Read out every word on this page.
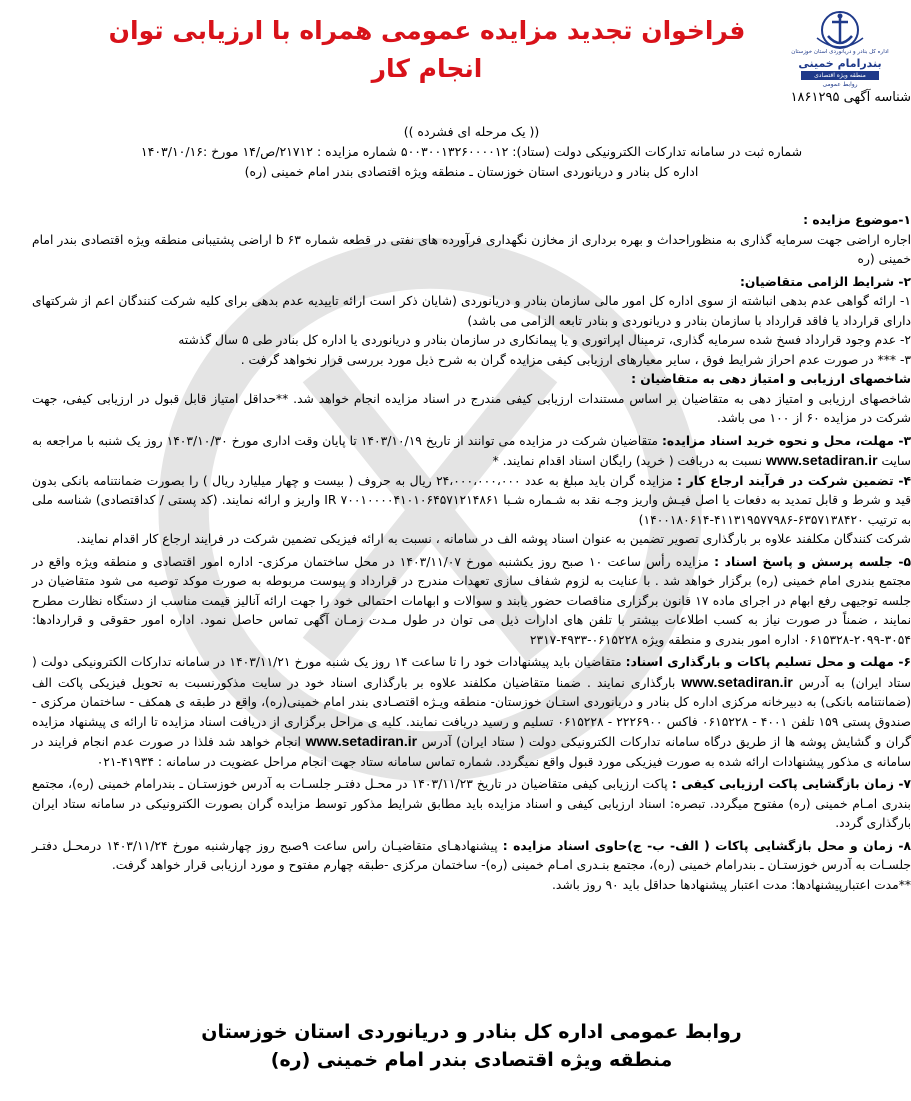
اداره کل بنادر و دریانوردی استان خوزستان
بندرامام خمینی
منطقه ویژه اقتصادی
روابط عمومی
فراخوان تجدید مزایده عمومی همراه با ارزیابی توان انجام کار
شناسه آگهی ۱۸۶۱۲۹۵
(( یک مرحله ای فشرده ))
شماره ثبت در سامانه تدارکات الکترونیکی دولت (ستاد): ۵۰۰۳۰۰۱۳۲۶۰۰۰۰۱۲ شماره مزایده : ۲۱۷۱۲/ص/۱۴ مورخ :۱۴۰۳/۱۰/۱۶
اداره کل بنادر و دریانوردی استان خوزستان ـ منطقه ویژه اقتصادی بندر امام خمینی (ره)

۱-موضوع مزایده :
اجاره اراضی جهت سرمایه گذاری به منظوراحداث و بهره برداری از مخازن نگهداری فرآورده های نفتی در قطعه شماره b ۶۳ اراضی پشتیبانی منطقه ویژه اقتصادی بندر امام خمینی (ره

۲- شرایط الزامی متقاضیان:
۱- ارائه گواهی عدم بدهی انباشته از سوی اداره کل امور مالی سازمان بنادر و دریانوردی (شایان ذکر است ارائه تاییدیه عدم بدهی برای کلیه شرکت کنندگان اعم از شرکتهای دارای قرارداد یا فاقد قرارداد با سازمان بنادر و دریانوردی و بنادر تابعه الزامی می باشد)
۲- عدم وجود قرارداد فسخ شده سرمایه گذاری، ترمینال اپراتوری و یا پیمانکاری در سازمان بنادر و دریانوردی یا اداره کل بنادر طی ۵ سال گذشته
۳- *** در صورت عدم احراز شرایط فوق ، سایر معیارهای ارزیابی کیفی مزایده گران به شرح ذیل مورد بررسی قرار نخواهد گرفت .

شاخصهای ارزیابی و امتیاز دهی به متقاضیان :
شاخصهای ارزیابی و امتیاز دهی به متقاضیان بر اساس مستندات ارزیابی کیفی مندرج در اسناد مزایده انجام خواهد شد. **حداقل امتیاز قابل قبول در ارزیابی کیفی، جهت شرکت در مزایده ۶۰ از ۱۰۰ می باشد.

۳- مهلت، محل و نحوه خرید اسناد مزایده: متقاضیان شرکت در مزایده می توانند از تاریخ ۱۴۰۳/۱۰/۱۹ تا پایان وقت اداری مورخ ۱۴۰۳/۱۰/۳۰ روز یک شنبه با مراجعه به سایت www.setadiran.ir نسبت به دریافت ( خرید) رایگان اسناد اقدام نمایند. *

۴- تضمین شرکت در فرآیند ارجاع کار : مزایده گران باید مبلغ به عدد ۲۴،۰۰۰،۰۰۰،۰۰۰ ریال به حروف ( بیست و چهار میلیارد ریال ) را بصورت ضمانتنامه بانکی بدون قید و شرط و قابل تمدید به دفعات یا اصل فیـش واریز وجـه نقد به شـماره شـبا IR ۷۰۰۱۰۰۰۰۴۱۰۱۰۶۴۵۷۱۲۱۴۸۶۱ واریز و ارائه نمایند. (کد پستی / کداقتصادی) شناسه ملی به ترتیب ۶۳۵۷۱۳۸۴۲۰-۴۱۱۳۱۹۵۷۷۹۸۶-۱۴۰۰۱۸۰۶۱۴)
شرکت کنندگان مکلفند علاوه بر بارگذاری تصویر تضمین به عنوان اسناد پوشه الف در سامانه ، نسبت به ارائه فیزیکی تضمین شرکت در فرایند ارجاع کار اقدام نمایند.

۵- جلسه پرسش و پاسخ اسناد : مزایده رأس ساعت ۱۰ صبح روز یکشنبه مورخ ۱۴۰۳/۱۱/۰۷ در محل ساختمان مرکزی- اداره امور اقتصادی و منطقه ویژه واقع در مجتمع بندری امام خمینی (ره) برگزار خواهد شد . با عنایت به لزوم شفاف سازی تعهدات مندرج در قرارداد و پیوست مربوطه به صورت موکد توصیه می شود متقاضیان در جلسه توجیهی رفع ابهام در اجرای ماده ۱۷ قانون برگزاری مناقصات حضور یابند و سوالات و ابهامات احتمالی خود را جهت ارائه آنالیز قیمت مناسب از دستگاه نظارت مطرح نمایند ، ضمناً در صورت نیاز به کسب اطلاعات بیشتر با تلفن های ادارات ذیل می توان در طول مـدت زمـان آگهی تماس حاصل نمود. اداره امور حقوقی و قراردادها: ۳۰۵۴-۲۰۹۹-۰۶۱۵۳۲۸ اداره امور بندری و منطقه ویژه ۰۶۱۵۲۲۸-۴۹۳۳-۲۳۱۷

۶- مهلت و محل تسلیم پاکات و بارگذاری اسناد: متقاضیان باید پیشنهادات خود را تا ساعت ۱۴ روز یک شنبه مورخ ۱۴۰۳/۱۱/۲۱ در سامانه تدارکات الکترونیکی دولت ( ستاد ایران) به آدرس www.setadiran.ir بارگذاری نمایند . ضمنا متقاضیان مکلفند علاوه بر بارگذاری اسناد خود در سایت مذکورنسبت به تحویل فیزیکی پاکت الف (ضمانتنامه بانکی) به دبیرخانه مرکزی اداره کل بنادر و دریانوردی استـان خوزستان- منطقه ویـژه اقتصـادی بندر امام خمینی(ره)، واقع در طبقه ی همکف - ساختمان مرکزی - صندوق پستی ۱۵۹ تلفن ۴۰۰۱ - ۰۶۱۵۲۲۸ فاکس ۲۲۲۶۹۰۰ - ۰۶۱۵۲۲۸ تسلیم و رسید دریافت نمایند. کلیه ی مراحل برگزاری از دریافت اسناد مزایده تا ارائه ی پیشنهاد مزایده گران و گشایش پوشه ها از طریق درگاه سامانه تدارکات الکترونیکی دولت ( ستاد ایران) آدرس www.setadiran.ir انجام خواهد شد فلذا در صورت عدم انجام فرایند در سامانه ی مذکور پیشنهادات ارائه شده به صورت فیزیکی مورد قبول واقع نمیگردد. شماره تماس سامانه ستاد جهت انجام مراحل عضویت در سامانه : ۴۱۹۳۴-۰۲۱

۷- زمان بازگشایی پاکت ارزیابی کیفی : پاکت ارزیابی کیفی متقاضیان در تاریخ ۱۴۰۳/۱۱/۲۳ در محـل دفتـر جلسـات به آدرس خوزستـان ـ بندرامام خمینی (ره)، مجتمع بندری امـام خمینی (ره) مفتوح میگردد. تبصره: اسناد ارزیابی کیفی و اسناد مزایده باید مطابق شرایط مذکور توسط مزایده گران بصورت الکترونیکی در سامانه ستاد ایران بارگذاری گردد.

۸- زمان و محل بازگشایی پاکات ( الف- ب- ج)حاوی اسناد مزایده : پیشنهادهـای متقاضیـان راس ساعت ۹صبح روز چهارشنبه مورخ ۱۴۰۳/۱۱/۲۴ درمحـل دفتـر جلسـات به آدرس خوزستـان ـ بندرامام خمینی (ره)، مجتمع بنـدری امـام خمینی (ره)- ساختمان مرکزی -طبقه چهارم مفتوح و مورد ارزیابی قرار خواهد گرفت.
**مدت اعتبارپیشنهادها: مدت اعتبار پیشنهادها حداقل باید ۹۰ روز باشد.

روابط عمومی اداره کل بنادر و دریانوردی استان خوزستان
منطقه ویژه اقتصادی بندر امام خمینی (ره)
